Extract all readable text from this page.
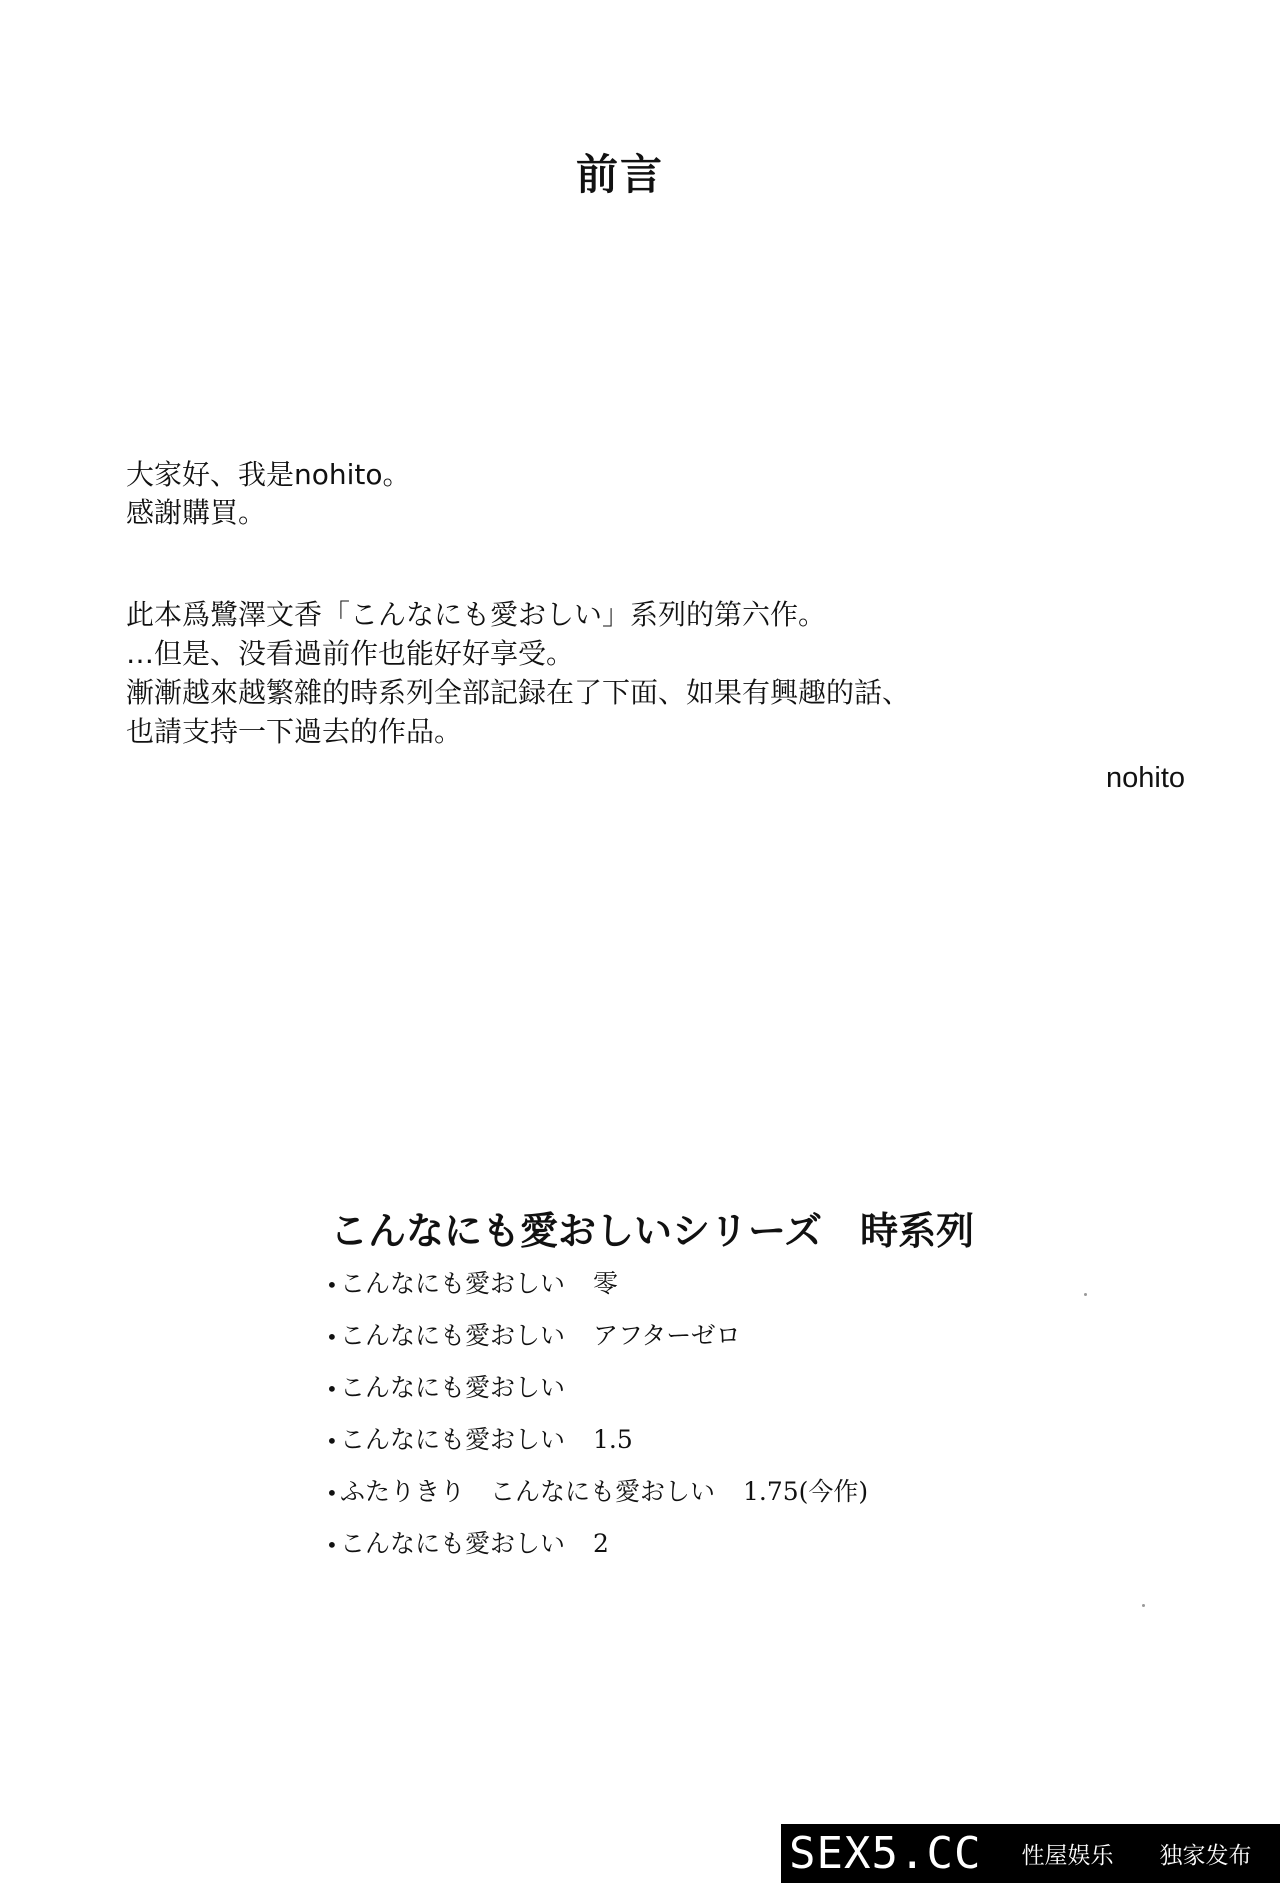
前言
大家好、我是nohito。
感謝購買。
此本爲鷺澤文香「こんなにも愛おしい」系列的第六作。
…但是、没看過前作也能好好享受。
漸漸越來越繁雜的時系列全部記録在了下面、如果有興趣的話、
也請支持一下過去的作品。
nohito
こんなにも愛おしいシリーズ　時系列
•こんなにも愛おしい 零
•こんなにも愛おしい アフターゼロ
•こんなにも愛おしい
•こんなにも愛おしい 1.5
•ふたりきり　こんなにも愛おしい 1.75(今作)
•こんなにも愛おしい 2
SEX5.CC 性屋娱乐 独家发布
